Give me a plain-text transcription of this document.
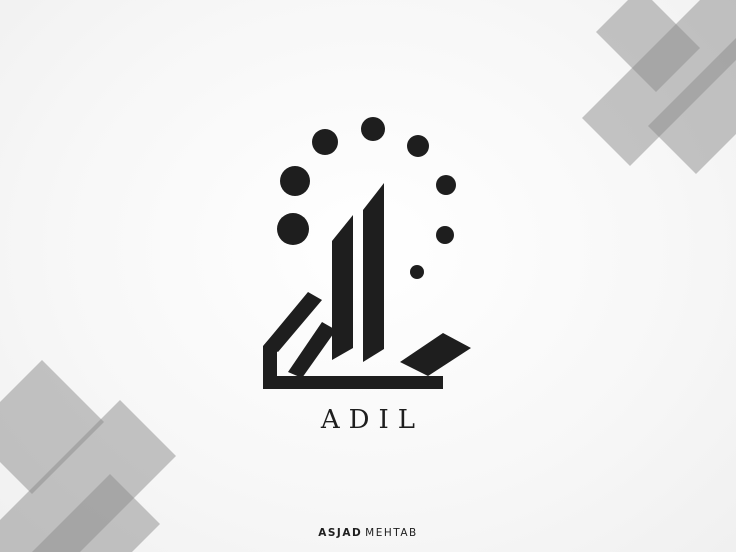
ADIL
ASJAD MEHTAB
